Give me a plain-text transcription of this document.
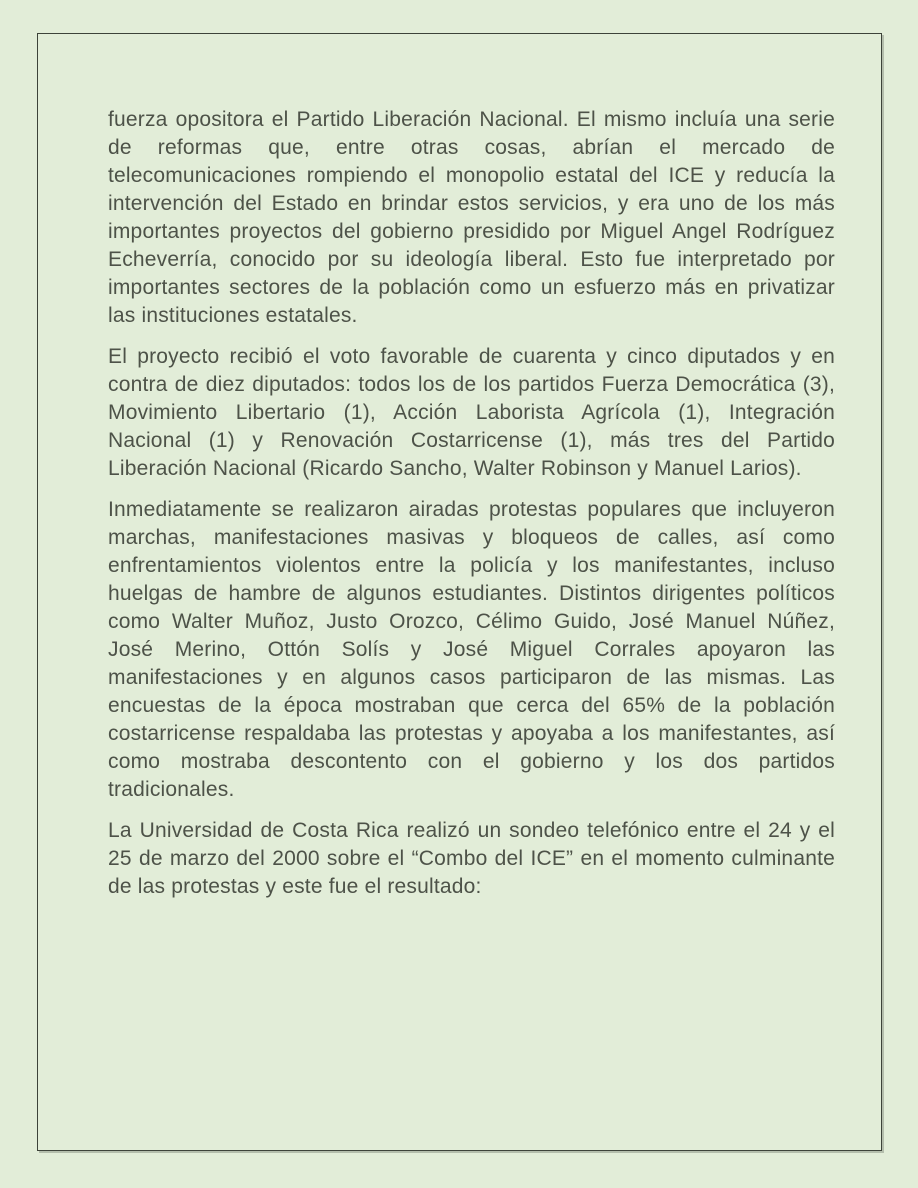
fuerza opositora el Partido Liberación Nacional. El mismo incluía una serie de reformas que, entre otras cosas, abrían el mercado de telecomunicaciones rompiendo el monopolio estatal del ICE y reducía la intervención del Estado en brindar estos servicios, y era uno de los más importantes proyectos del gobierno presidido por Miguel Angel Rodríguez Echeverría, conocido por su ideología liberal. Esto fue interpretado por importantes sectores de la población como un esfuerzo más en privatizar las instituciones estatales.

El proyecto recibió el voto favorable de cuarenta y cinco diputados y en contra de diez diputados: todos los de los partidos Fuerza Democrática (3), Movimiento Libertario (1), Acción Laborista Agrícola (1), Integración Nacional (1) y Renovación Costarricense (1), más tres del Partido Liberación Nacional (Ricardo Sancho, Walter Robinson y Manuel Larios).

Inmediatamente se realizaron airadas protestas populares que incluyeron marchas, manifestaciones masivas y bloqueos de calles, así como enfrentamientos violentos entre la policía y los manifestantes, incluso huelgas de hambre de algunos estudiantes. Distintos dirigentes políticos como Walter Muñoz, Justo Orozco, Célimo Guido, José Manuel Núñez, José Merino, Ottón Solís y José Miguel Corrales apoyaron las manifestaciones y en algunos casos participaron de las mismas. Las encuestas de la época mostraban que cerca del 65% de la población costarricense respaldaba las protestas y apoyaba a los manifestantes, así como mostraba descontento con el gobierno y los dos partidos tradicionales.

La Universidad de Costa Rica realizó un sondeo telefónico entre el 24 y el 25 de marzo del 2000 sobre el “Combo del ICE” en el momento culminante de las protestas y este fue el resultado:
